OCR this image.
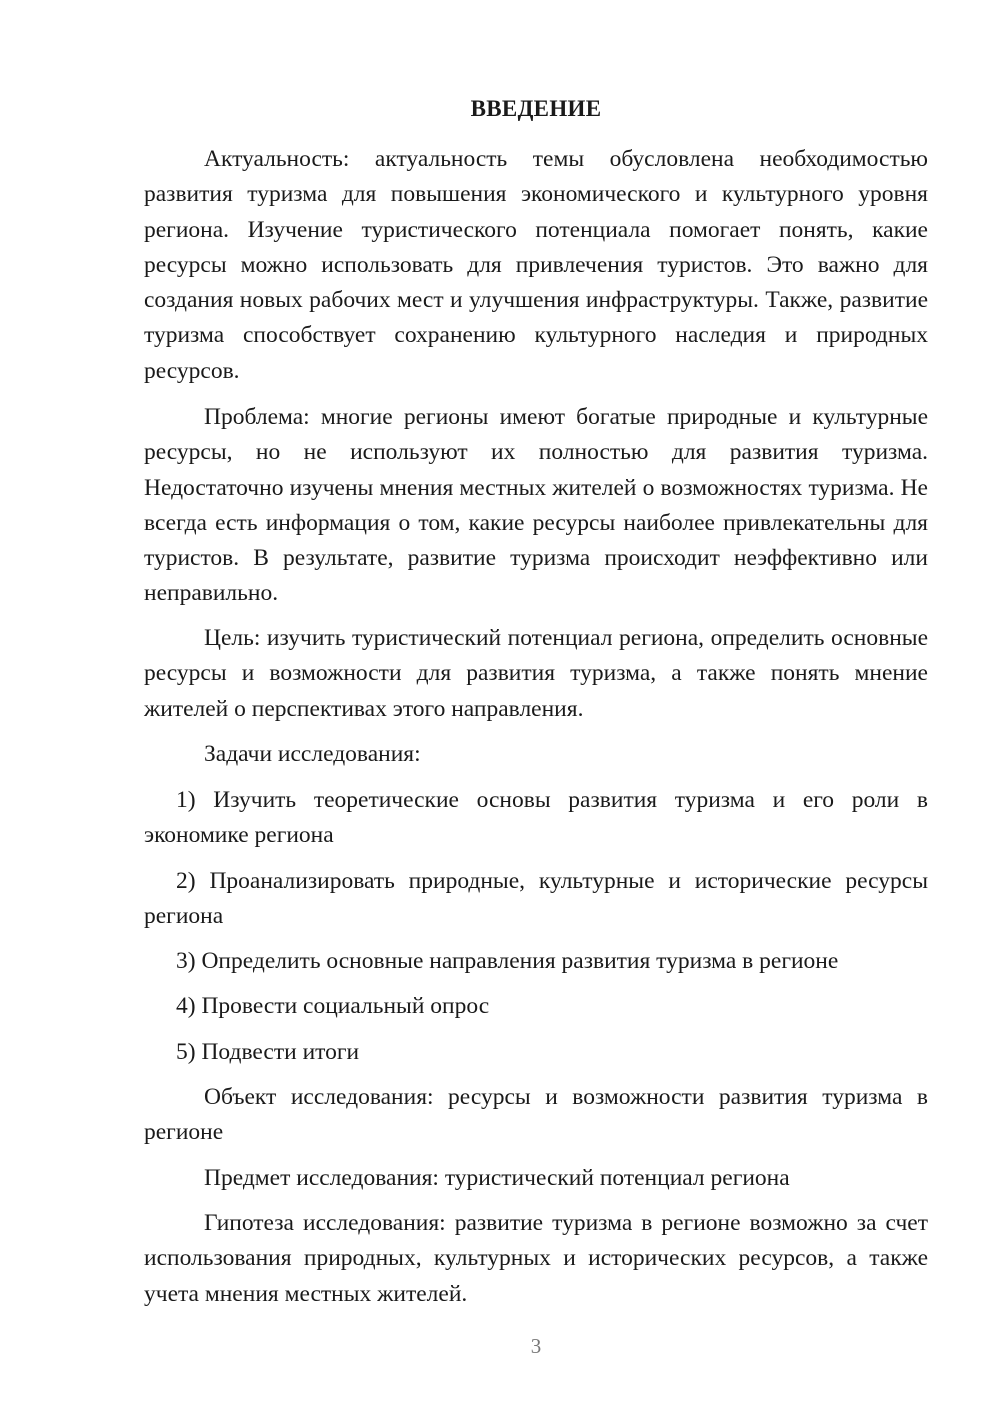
ВВЕДЕНИЕ

Актуальность: актуальность темы обусловлена необходимостью развития туризма для повышения экономического и культурного уровня региона. Изучение туристического потенциала помогает понять, какие ресурсы можно использовать для привлечения туристов. Это важно для создания новых рабочих мест и улучшения инфраструктуры. Также, развитие туризма способствует сохранению культурного наследия и природных ресурсов.

Проблема: многие регионы имеют богатые природные и культурные ресурсы, но не используют их полностью для развития туризма. Недостаточно изучены мнения местных жителей о возможностях туризма. Не всегда есть информация о том, какие ресурсы наиболее привлекательны для туристов. В результате, развитие туризма происходит неэффективно или неправильно.

Цель: изучить туристический потенциал региона, определить основные ресурсы и возможности для развития туризма, а также понять мнение жителей о перспективах этого направления.

Задачи исследования:

1) Изучить теоретические основы развития туризма и его роли в экономике региона

2) Проанализировать природные, культурные и исторические ресурсы региона

3) Определить основные направления развития туризма в регионе

4) Провести социальный опрос

5) Подвести итоги

Объект исследования: ресурсы и возможности развития туризма в регионе

Предмет исследования: туристический потенциал региона

Гипотеза исследования: развитие туризма в регионе возможно за счет использования природных, культурных и исторических ресурсов, а также учета мнения местных жителей.

3
